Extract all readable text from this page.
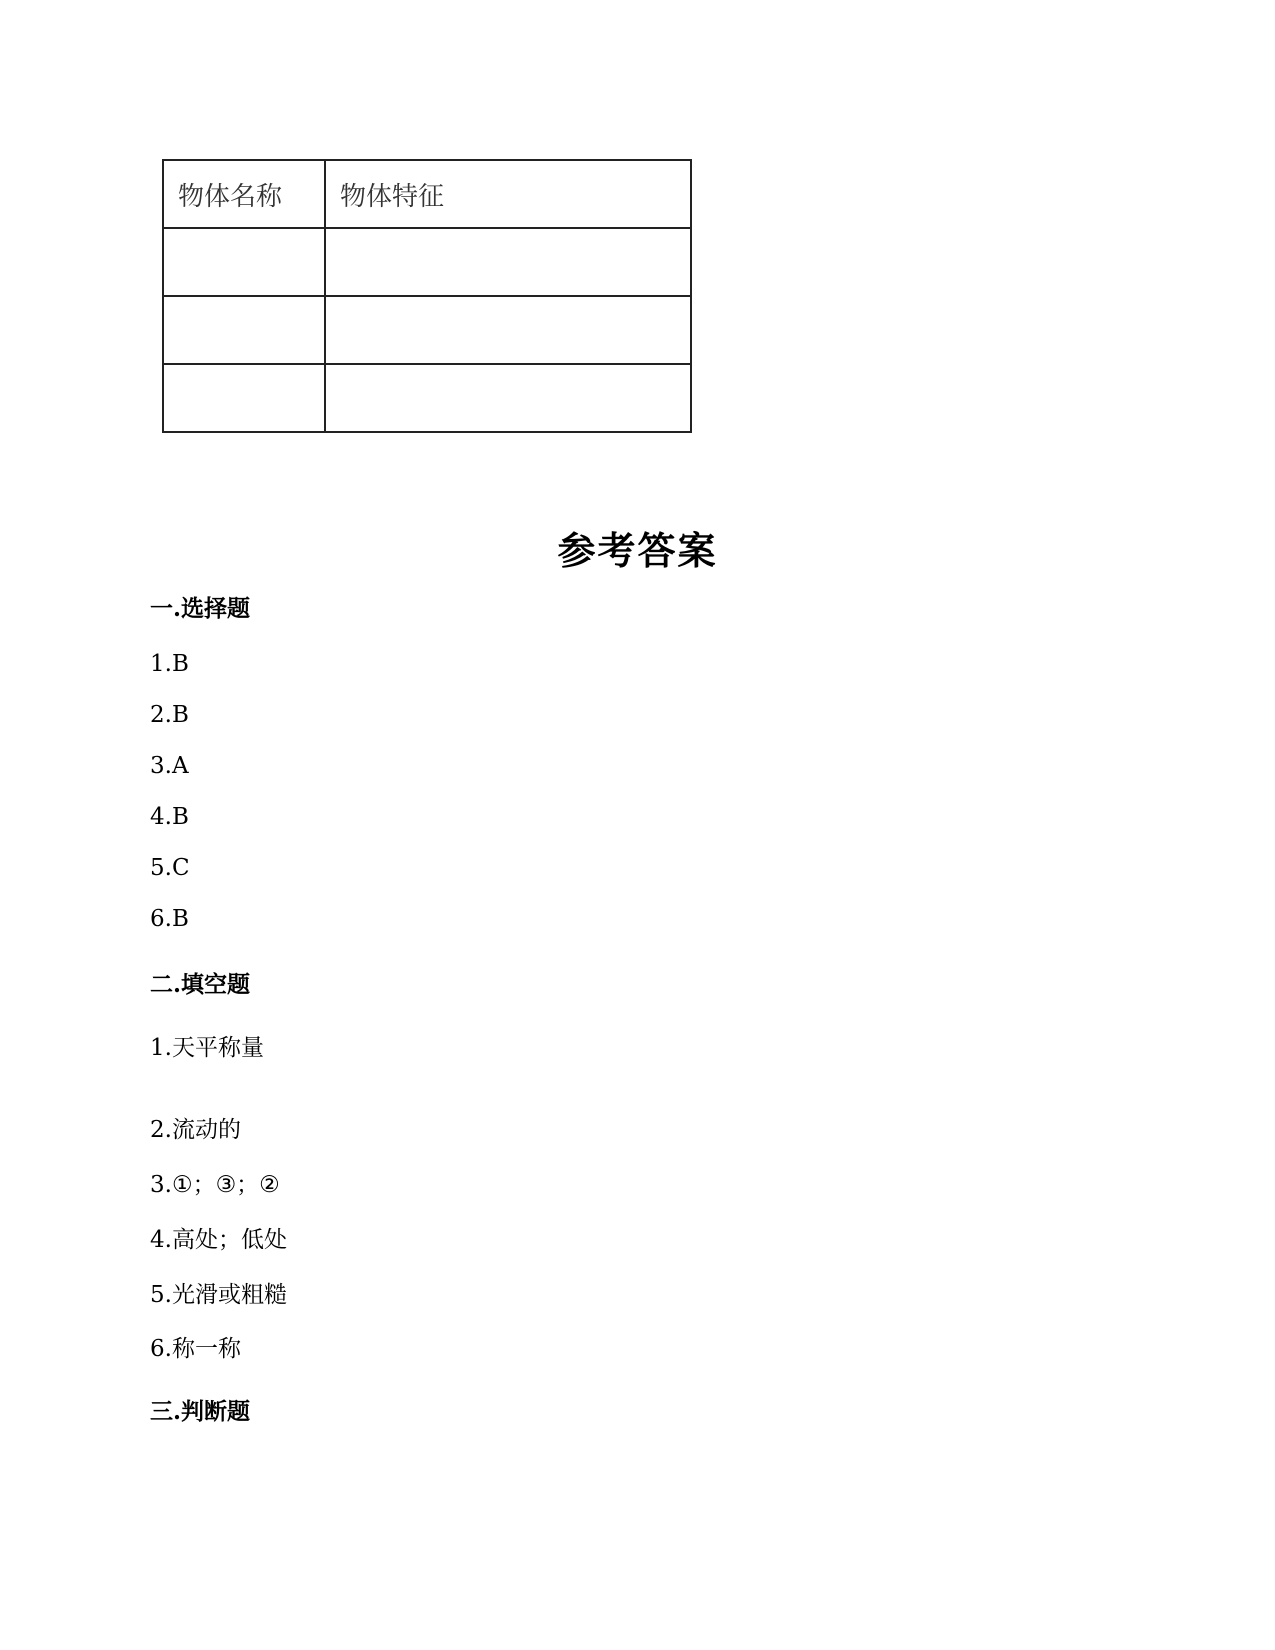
物体名称	物体特征

参考答案
一.选择题
1.B
2.B
3.A
4.B
5.C
6.B
二.填空题
1.天平称量
2.流动的
3.①；③；②
4.高处；低处
5.光滑或粗糙
6.称一称
三.判断题
